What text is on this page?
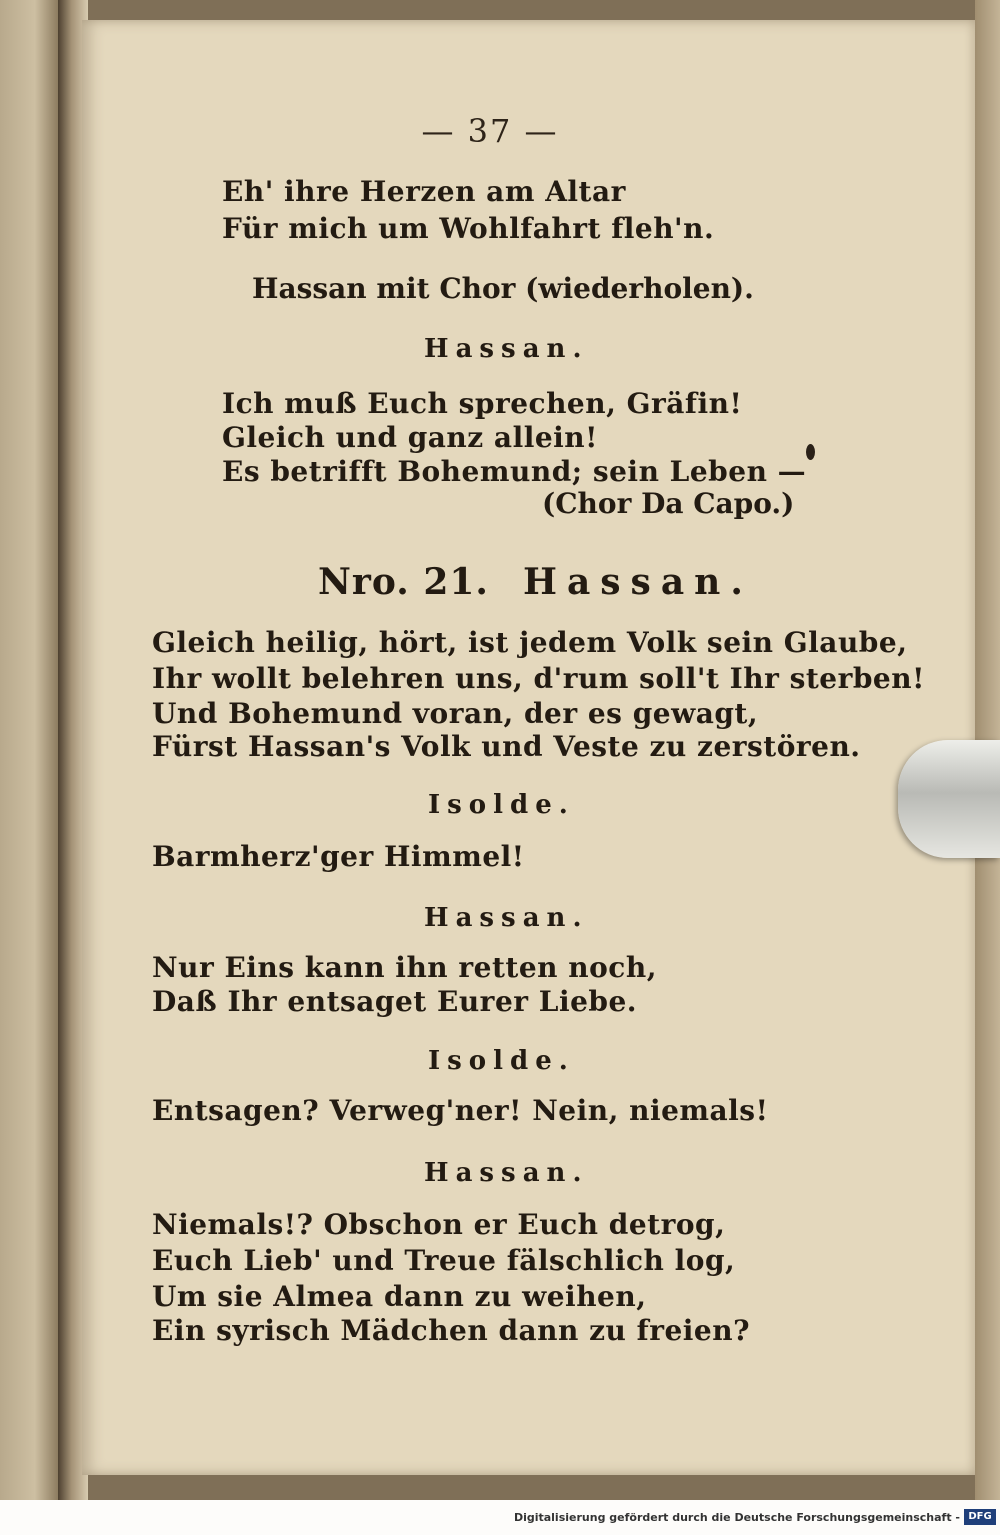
— 37 —

Eh' ihre Herzen am Altar

Für mich um Wohlfahrt fleh'n.

Hassan mit Chor (wiederholen).

Hassan.

Ich muß Euch sprechen, Gräfin!

Gleich und ganz allein!

Es betrifft Bohemund; sein Leben —

(Chor Da Capo.)

Nro. 21. Hassan.

Gleich heilig, hört, ist jedem Volk sein Glaube,

Ihr wollt belehren uns, d'rum soll't Ihr sterben!

Und Bohemund voran, der es gewagt,

Fürst Hassan's Volk und Veste zu zerstören.

Isolde.

Barmherz'ger Himmel!

Hassan.

Nur Eins kann ihn retten noch,

Daß Ihr entsaget Eurer Liebe.

Isolde.

Entsagen? Verweg'ner! Nein, niemals!

Hassan.

Niemals!? Obschon er Euch detrog,

Euch Lieb' und Treue fälschlich log,

Um sie Almea dann zu weihen,

Ein syrisch Mädchen dann zu freien?

Digitalisierung gefördert durch die Deutsche Forschungsgemeinschaft - DFG
